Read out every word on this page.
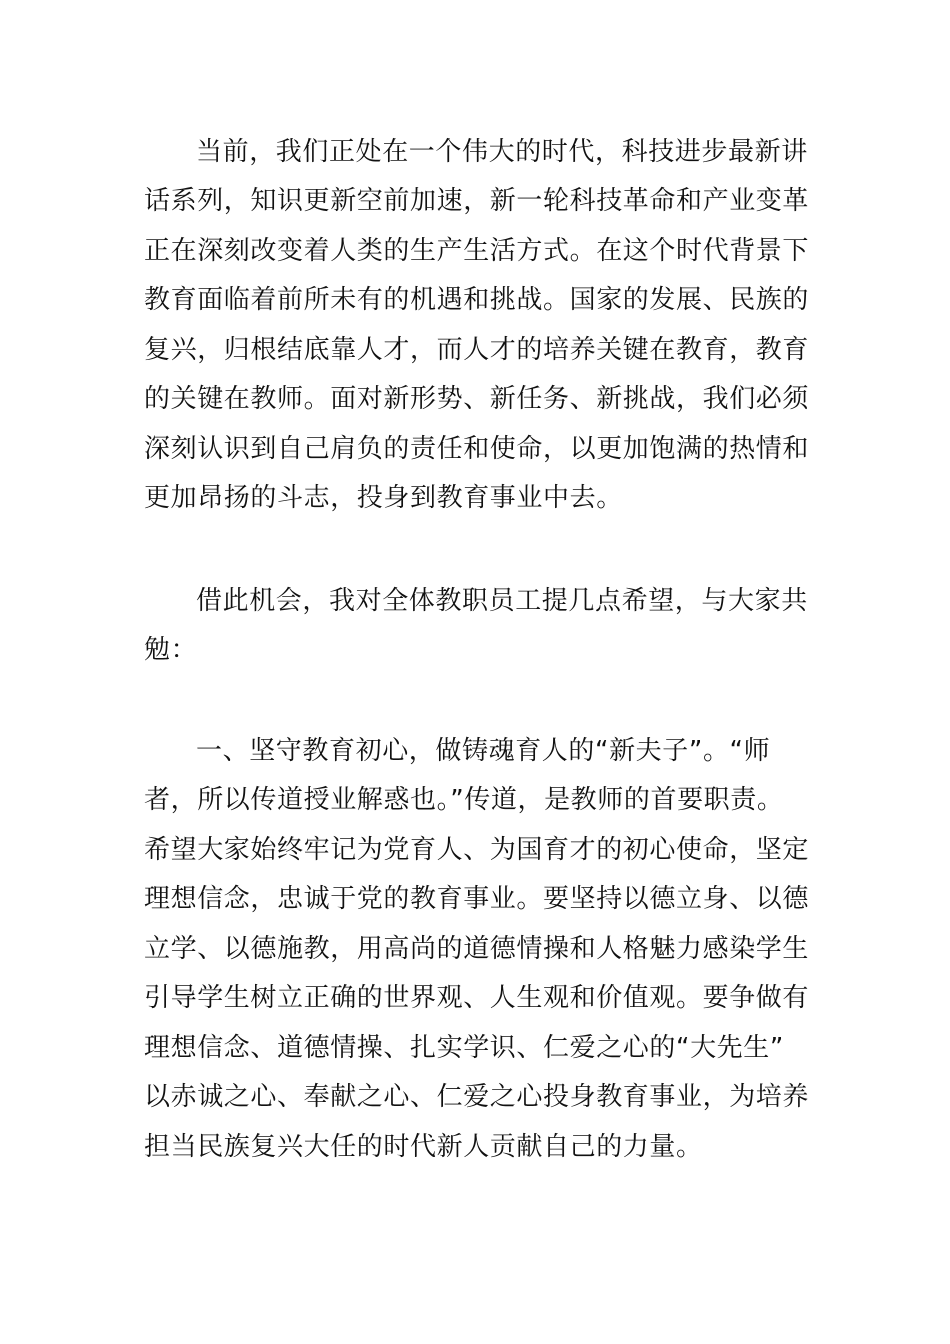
当前，我们正处在一个伟大的时代，科技进步最新讲

话系列，知识更新空前加速，新一轮科技革命和产业变革

正在深刻改变着人类的生产生活方式。在这个时代背景下

教育面临着前所未有的机遇和挑战。国家的发展、民族的

复兴，归根结底靠人才，而人才的培养关键在教育，教育

的关键在教师。面对新形势、新任务、新挑战，我们必须

深刻认识到自己肩负的责任和使命，以更加饱满的热情和

更加昂扬的斗志，投身到教育事业中去。

借此机会，我对全体教职员工提几点希望，与大家共

勉：

一、坚守教育初心，做铸魂育人的“新夫子”。“师

者，所以传道授业解惑也。”传道，是教师的首要职责。

希望大家始终牢记为党育人、为国育才的初心使命，坚定

理想信念，忠诚于党的教育事业。要坚持以德立身、以德

立学、以德施教，用高尚的道德情操和人格魅力感染学生

引导学生树立正确的世界观、人生观和价值观。要争做有

理想信念、道德情操、扎实学识、仁爱之心的“大先生”

以赤诚之心、奉献之心、仁爱之心投身教育事业，为培养

担当民族复兴大任的时代新人贡献自己的力量。
